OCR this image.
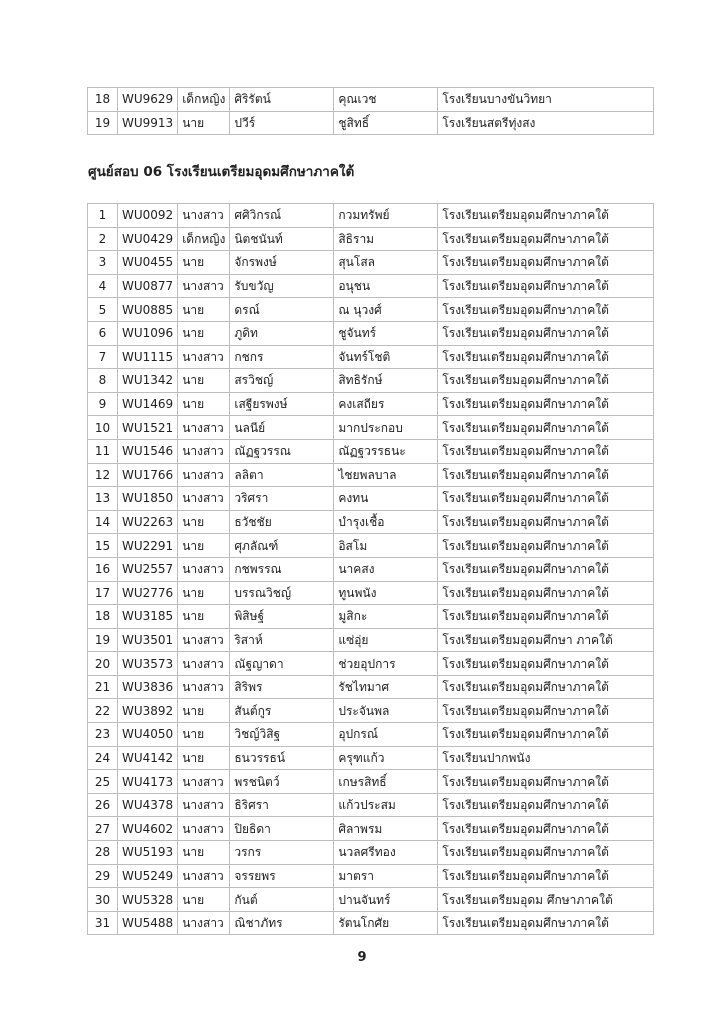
18	WU9629	เด็กหญิง	ศิริรัตน์	คุณเวช	โรงเรียนบางขันวิทยา
19	WU9913	นาย	ปวีร์	ชูสิทธิ์	โรงเรียนสตรีทุ่งสง
ศูนย์สอบ 06 โรงเรียนเตรียมอุดมศึกษาภาคใต้
1	WU0092	นางสาว	ศศิวิกรณ์	กวมทรัพย์	โรงเรียนเตรียมอุดมศึกษาภาคใต้
2	WU0429	เด็กหญิง	นิตชนันท์	สิธิราม	โรงเรียนเตรียมอุดมศึกษาภาคใต้
3	WU0455	นาย	จักรพงษ์	สุนโสล	โรงเรียนเตรียมอุดมศึกษาภาคใต้
4	WU0877	นางสาว	รับขวัญ	อนุชน	โรงเรียนเตรียมอุดมศึกษาภาคใต้
5	WU0885	นาย	ดรณ์	ณ นุวงศ์	โรงเรียนเตรียมอุดมศึกษาภาคใต้
6	WU1096	นาย	ภูดิท	ชูจันทร์	โรงเรียนเตรียมอุดมศึกษาภาคใต้
7	WU1115	นางสาว	กชกร	จันทร์โชติ	โรงเรียนเตรียมอุดมศึกษาภาคใต้
8	WU1342	นาย	สรวิชญ์	สิทธิรักษ์	โรงเรียนเตรียมอุดมศึกษาภาคใต้
9	WU1469	นาย	เสฐียรพงษ์	คงเสถียร	โรงเรียนเตรียมอุดมศึกษาภาคใต้
10	WU1521	นางสาว	นลนีย์	มากประกอบ	โรงเรียนเตรียมอุดมศึกษาภาคใต้
11	WU1546	นางสาว	ณัฏฐวรรณ	ณัฏฐวรรธนะ	โรงเรียนเตรียมอุดมศึกษาภาคใต้
12	WU1766	นางสาว	ลลิตา	ไชยพลบาล	โรงเรียนเตรียมอุดมศึกษาภาคใต้
13	WU1850	นางสาว	วริศรา	คงทน	โรงเรียนเตรียมอุดมศึกษาภาคใต้
14	WU2263	นาย	ธวัชชัย	บำรุงเชื้อ	โรงเรียนเตรียมอุดมศึกษาภาคใต้
15	WU2291	นาย	ศุภลัณฑ์	อิสโม	โรงเรียนเตรียมอุดมศึกษาภาคใต้
16	WU2557	นางสาว	กชพรรณ	นาคสง	โรงเรียนเตรียมอุดมศึกษาภาคใต้
17	WU2776	นาย	บรรณวิชญ์	ทูนพนัง	โรงเรียนเตรียมอุดมศึกษาภาคใต้
18	WU3185	นาย	พิสิษฐ์	มูสิกะ	โรงเรียนเตรียมอุดมศึกษาภาคใต้
19	WU3501	นางสาว	ริสาห์	แซ่อุ่ย	โรงเรียนเตรียมอุดมศึกษา ภาคใต้
20	WU3573	นางสาว	ณัฐญาดา	ช่วยอุปการ	โรงเรียนเตรียมอุดมศึกษาภาคใต้
21	WU3836	นางสาว	สิริพร	รัชไทมาศ	โรงเรียนเตรียมอุดมศึกษาภาคใต้
22	WU3892	นาย	สันต์กูร	ประจันพล	โรงเรียนเตรียมอุดมศึกษาภาคใต้
23	WU4050	นาย	วิชญ์วิสิฐ	อุปกรณ์	โรงเรียนเตรียมอุดมศึกษาภาคใต้
24	WU4142	นาย	ธนวรรธน์	ครุฑแก้ว	โรงเรียนปากพนัง
25	WU4173	นางสาว	พรชนิตว์	เกษรสิทธิ์	โรงเรียนเตรียมอุดมศึกษาภาคใต้
26	WU4378	นางสาว	ธิริศรา	แก้วประสม	โรงเรียนเตรียมอุดมศึกษาภาคใต้
27	WU4602	นางสาว	ปิยธิดา	ศิลาพรม	โรงเรียนเตรียมอุดมศึกษาภาคใต้
28	WU5193	นาย	วรกร	นวลศรีทอง	โรงเรียนเตรียมอุดมศึกษาภาคใต้
29	WU5249	นางสาว	จรรยพร	มาตรา	โรงเรียนเตรียมอุดมศึกษาภาคใต้
30	WU5328	นาย	กันต์	ปานจันทร์	โรงเรียนเตรียมอุดม ศึกษาภาคใต้
31	WU5488	นางสาว	ณิชาภัทร	รัตนโกศัย	โรงเรียนเตรียมอุดมศึกษาภาคใต้
9
